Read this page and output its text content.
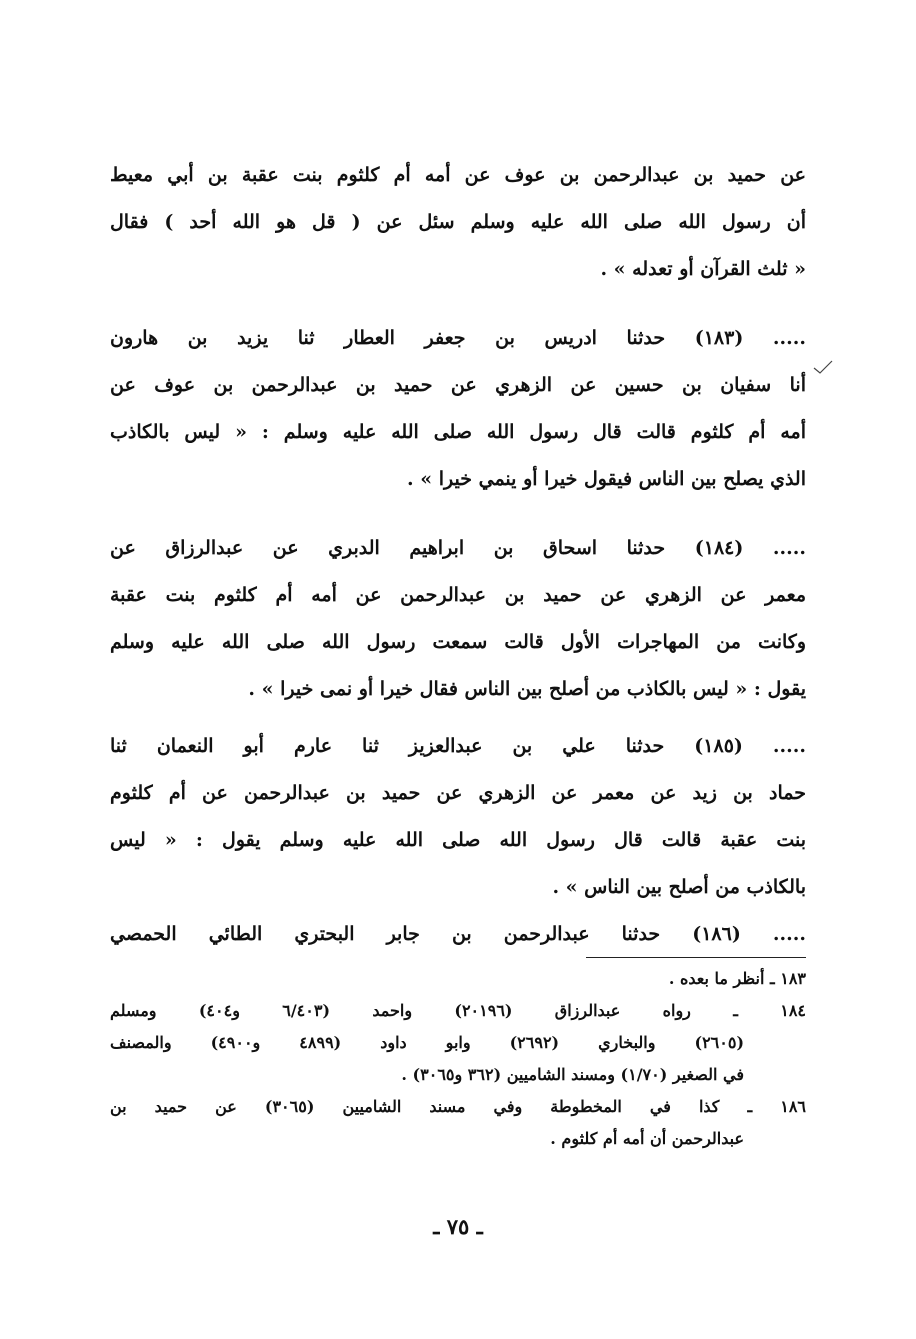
عن حميد بن عبدالرحمن بن عوف عن أمه أم كلثوم بنت عقبة بن أبي معيط
أن رسول الله صلى الله عليه وسلم سئل عن ( قل هو الله أحد ) فقال
« ثلث القرآن أو تعدله » .
..... (١٨٣) حدثنا ادريس بن جعفر العطار ثنا يزيد بن هارون
أنا سفيان بن حسين عن الزهري عن حميد بن عبدالرحمن بن عوف عن
أمه أم كلثوم قالت قال رسول الله صلى الله عليه وسلم : « ليس بالكاذب
الذي يصلح بين الناس فيقول خيرا أو ينمي خيرا » .
..... (١٨٤) حدثنا اسحاق بن ابراهيم الدبري عن عبدالرزاق عن
معمر عن الزهري عن حميد بن عبدالرحمن عن أمه أم كلثوم بنت عقبة
وكانت من المهاجرات الأول قالت سمعت رسول الله صلى الله عليه وسلم
يقول : « ليس بالكاذب من أصلح بين الناس فقال خيرا أو نمى خيرا » .
..... (١٨٥) حدثنا علي بن عبدالعزيز ثنا عارم أبو النعمان ثنا
حماد بن زيد عن معمر عن الزهري عن حميد بن عبدالرحمن عن أم كلثوم
بنت عقبة قالت قال رسول الله صلى الله عليه وسلم يقول : « ليس
بالكاذب من أصلح بين الناس » .
..... (١٨٦) حدثنا عبدالرحمن بن جابر البحتري الطائي الحمصي
١٨٣ ـ أنظر ما بعده .
١٨٤ ـ رواه عبدالرزاق (٢٠١٩٦) واحمد (٦/٤٠٣ و٤٠٤) ومسلم
(٢٦٠٥) والبخاري (٢٦٩٢) وابو داود (٤٨٩٩ و٤٩٠٠) والمصنف
في الصغير (١/٧٠) ومسند الشاميين (٣٦٢ و٣٠٦٥) .
١٨٦ ـ كذا في المخطوطة وفي مسند الشاميين (٣٠٦٥) عن حميد بن
عبدالرحمن أن أمه أم كلثوم .
ـ ٧٥ ـ
